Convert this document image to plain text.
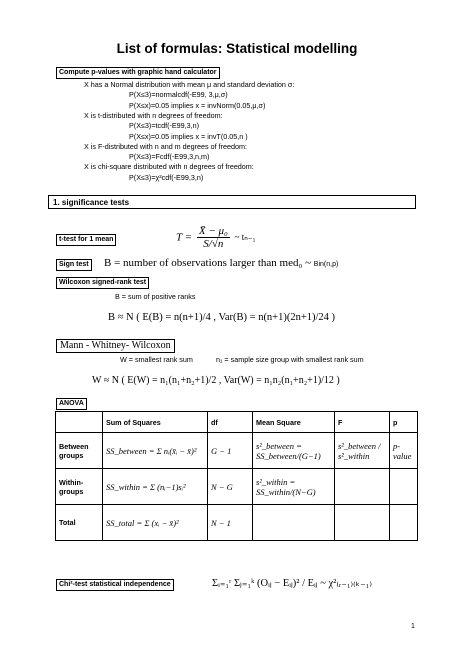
List of formulas: Statistical modelling
Compute p-values with graphic hand calculator
X has a Normal distribution with mean μ and standard deviation σ:
P(X≤3)=normalcdf(-E99, 3,μ,σ)
P(X≤x)=0.05 implies x = invNorm(0.05,μ,σ)
X is t-distributed with n degrees of freedom:
P(X≤3)=tcdf(-E99,3,n)
P(X≤x)=0.05 implies x = invT(0.05,n )
X is F-distributed with n and m degrees of freedom:
P(X≤3)=Fcdf(-E99,3,n,m)
X is chi-square distributed with n degrees of freedom:
P(X≤3)=χ²cdf(-E99,3,n)
1. significance tests
t-test for 1 mean	$T = \frac{\text{X̄ − μ₀}}{S/√n}$ ~ tₙ₋₁
Sign test B = number of observations larger than med₀ ~ Bin(n,p)
Wilcoxon signed-rank test
B = sum of positive ranks
B ≈ N ( E(B) = n(n+1)/4 , Var(B) = n(n+1)(2n+1)/24 )
Mann - Whitney- Wilcoxon
W = smallest rank sum	n₁ = sample size group with smallest rank sum
W ≈ N ( E(W) = n₁(n₁+n₂+1)/2 , Var(W) = n₁n₂(n₁+n₂+1)/12 )
ANOVA
	Sum of Squares	df	Mean Square	F	p
Between groups	SS_between = Σ nᵢ(x̄ᵢ − x̄)²	G − 1	s²_between = SS_between/(G−1)	s²_between / s²_within	p-value
Within-groups	SS_within = Σ (nᵢ−1)sᵢ²	N − G	s²_within = SS_within/(N−G)		
Total	SS_total = Σ (xᵢ − x̄)²	N − 1			
Chi²-test statistical independence	Σᵢ₌₁ʳ Σⱼ₌₁ᵏ (Oᵢⱼ − Eᵢⱼ)² / Eᵢⱼ ~ χ²₍ᵣ₋₁₎₍ₖ₋₁₎
1
